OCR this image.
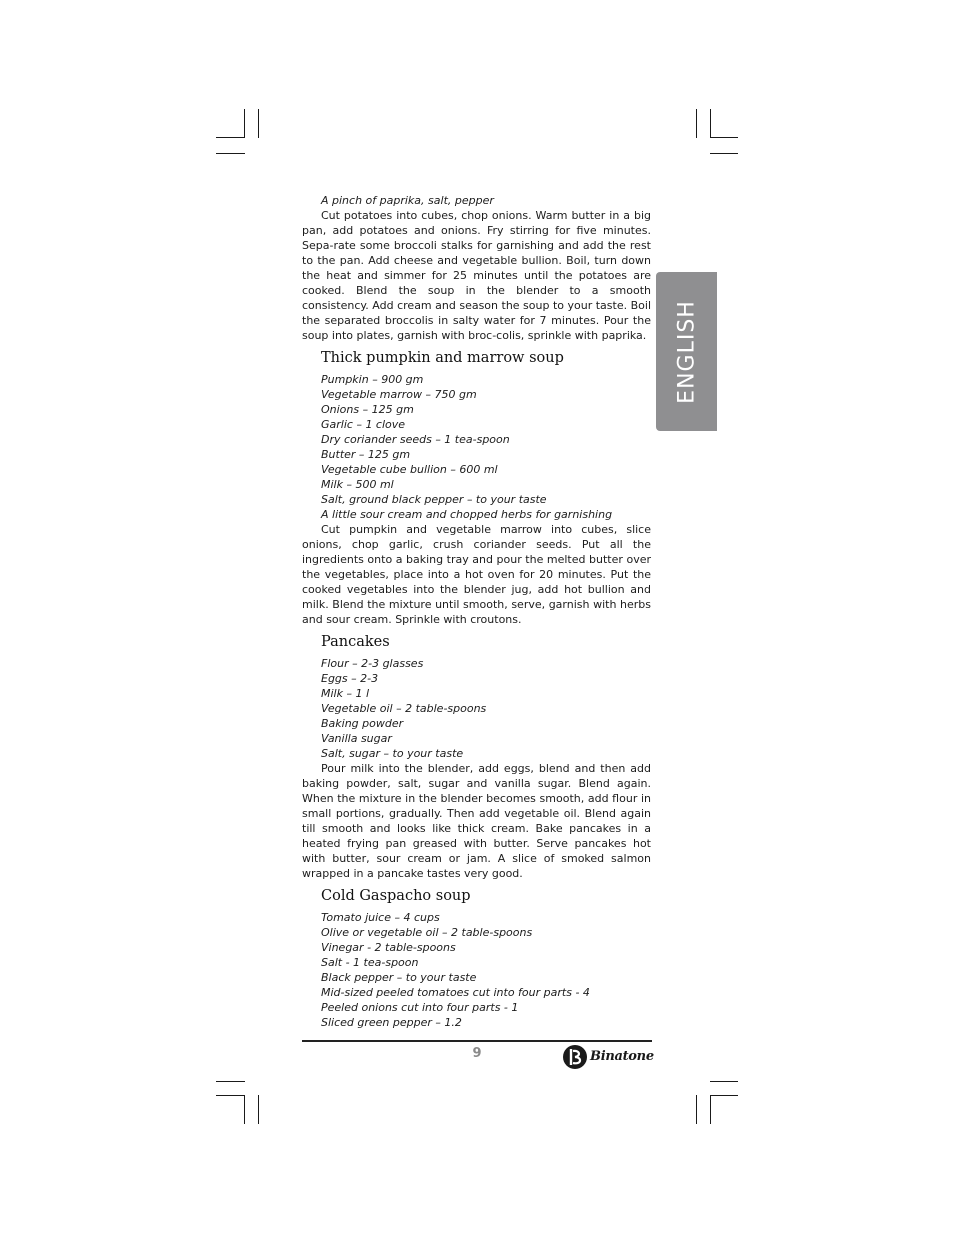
ENGLISH

A pinch of paprika, salt, pepper

Cut potatoes into cubes, chop onions. Warm butter in a big pan, add potatoes and onions. Fry stirring for five minutes. Sepa-rate some broccoli stalks for garnishing and add the rest to the pan. Add cheese and vegetable bullion. Boil, turn down the heat and simmer for 25 minutes until the potatoes are cooked. Blend the soup in the blender to a smooth consistency. Add cream and season the soup to your taste. Boil the separated broccolis in salty water for 7 minutes. Pour the soup into plates, garnish with broc-colis, sprinkle with paprika.

Thick pumpkin and marrow soup

Pumpkin – 900 gm

Vegetable marrow – 750 gm

Onions – 125 gm

Garlic – 1 clove

Dry coriander seeds – 1 tea-spoon

Butter – 125 gm

Vegetable cube bullion – 600 ml

Milk – 500 ml

Salt, ground black pepper – to your taste

A little sour cream and chopped herbs for garnishing

Cut pumpkin and vegetable marrow into cubes, slice onions, chop garlic, crush coriander seeds. Put all the ingredients onto a baking tray and pour the melted butter over the vegetables, place into a hot oven for 20 minutes. Put the cooked vegetables into the blender jug, add hot bullion and milk. Blend the mixture until smooth, serve, garnish with herbs and sour cream. Sprinkle with croutons.

Pancakes

Flour – 2-3 glasses

Eggs – 2-3

Milk – 1 l

Vegetable oil – 2 table-spoons

Baking powder

Vanilla sugar

Salt, sugar – to your taste

Pour milk into the blender, add eggs, blend and then add baking powder, salt, sugar and vanilla sugar. Blend again. When the mixture in the blender becomes smooth, add flour in small portions, gradually. Then add vegetable oil. Blend again till smooth and looks like thick cream. Bake pancakes in a heated frying pan greased with butter. Serve pancakes hot with butter, sour cream or jam. A slice of smoked salmon wrapped in a pancake tastes very good.

Cold Gaspacho soup

Tomato juice – 4 cups

Olive or vegetable oil – 2 table-spoons

Vinegar - 2 table-spoons

Salt - 1 tea-spoon

Black pepper – to your taste

Mid-sized peeled tomatoes cut into four parts - 4

Peeled onions cut into four parts - 1

Sliced green pepper – 1.2

9	Binatone
